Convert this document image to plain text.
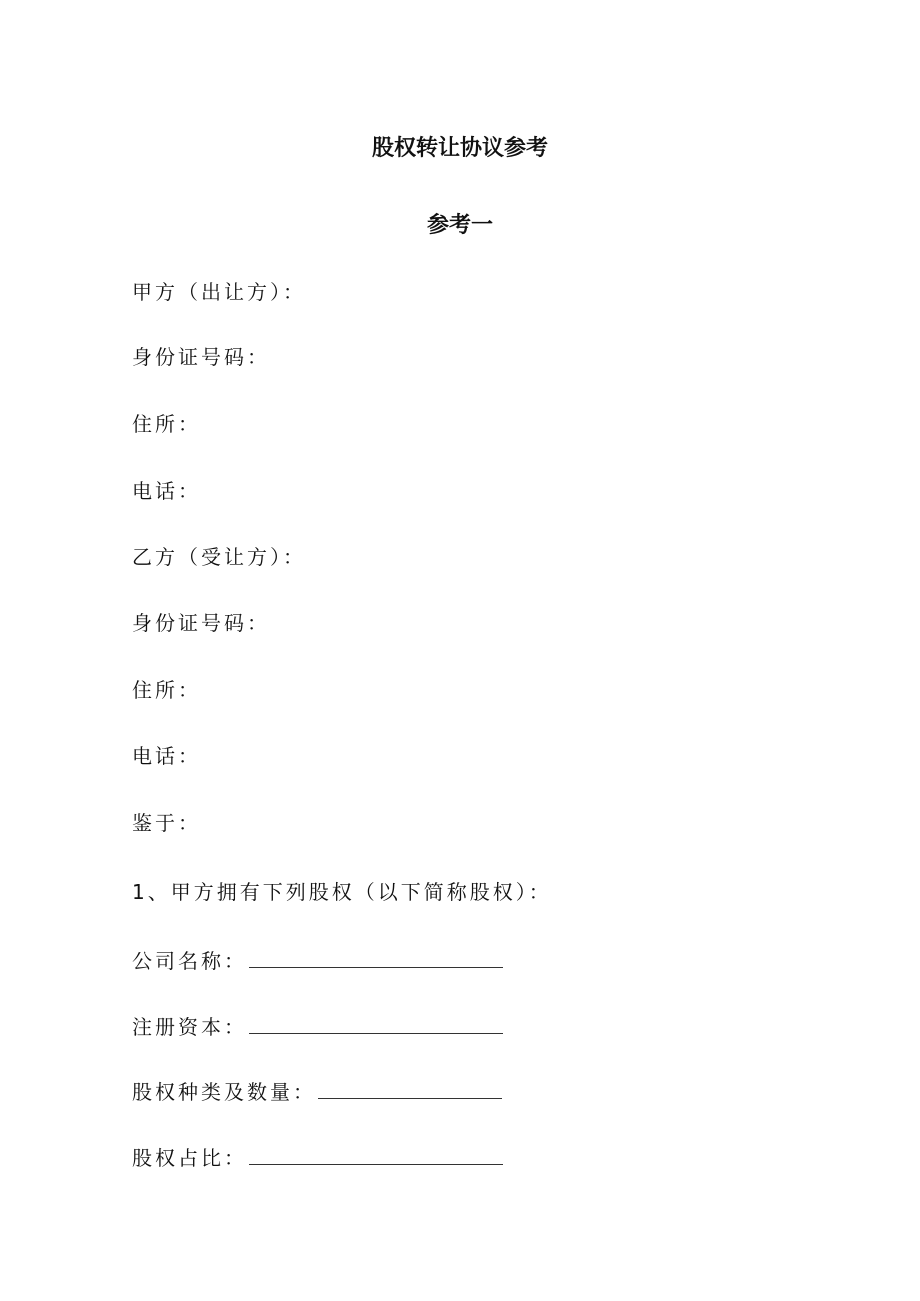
股权转让协议参考
参考一
甲方（出让方）：
身份证号码：
住所：
电话：
乙方（受让方）：
身份证号码：
住所：
电话：
鉴于：
1、甲方拥有下列股权（以下简称股权）：
公司名称：
注册资本：
股权种类及数量：
股权占比：
